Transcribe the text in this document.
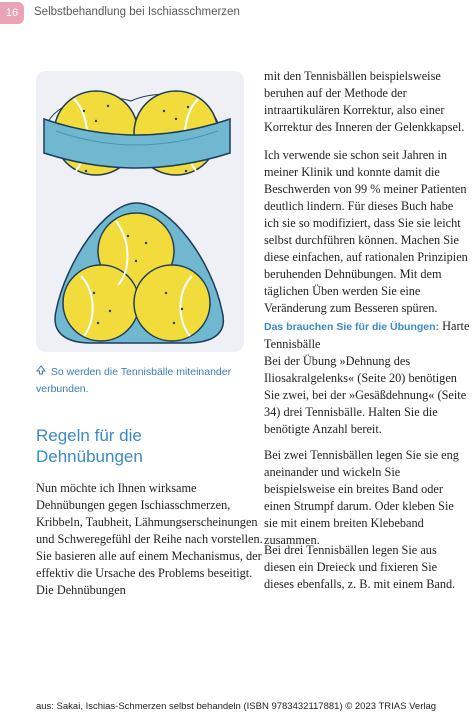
16	Selbstbehandlung bei Ischiasschmerzen
So werden die Tennisbälle miteinander verbunden.
Regeln für die
Dehnübungen

Nun möchte ich Ihnen wirksame Dehnübungen gegen Ischiasschmerzen, Kribbeln, Taubheit, Lähmungserscheinungen und Schweregefühl der Reihe nach vorstellen. Sie basieren alle auf einem Mechanismus, der effektiv die Ursache des Problems beseitigt. Die Dehnübungen

mit den Tennisbällen beispielsweise beruhen auf der Methode der intraartikulären Korrektur, also einer Korrektur des Inneren der Gelenkkapsel.

Ich verwende sie schon seit Jahren in meiner Klinik und konnte damit die Beschwerden von 99 % meiner Patienten deutlich lindern. Für dieses Buch habe ich sie so modifiziert, dass Sie sie leicht selbst durchführen können. Machen Sie diese einfachen, auf rationalen Prinzipien beruhenden Dehnübungen. Mit dem täglichen Üben werden Sie eine Veränderung zum Besseren spüren.

Das brauchen Sie für die Übungen: Harte Tennisbälle
Bei der Übung »Dehnung des Iliosakralgelenks« (Seite 20) benötigen Sie zwei, bei der »Gesäßdehnung« (Seite 34) drei Tennisbälle. Halten Sie die benötigte Anzahl bereit.

Bei zwei Tennisbällen legen Sie sie eng aneinander und wickeln Sie beispielsweise ein breites Band oder einen Strumpf darum. Oder kleben Sie sie mit einem breiten Klebeband zusammen.

Bei drei Tennisbällen legen Sie aus diesen ein Dreieck und fixieren Sie dieses ebenfalls, z. B. mit einem Band.

aus: Sakai, Ischias-Schmerzen selbst behandeln (ISBN 9783432117881) © 2023 TRIAS Verlag
